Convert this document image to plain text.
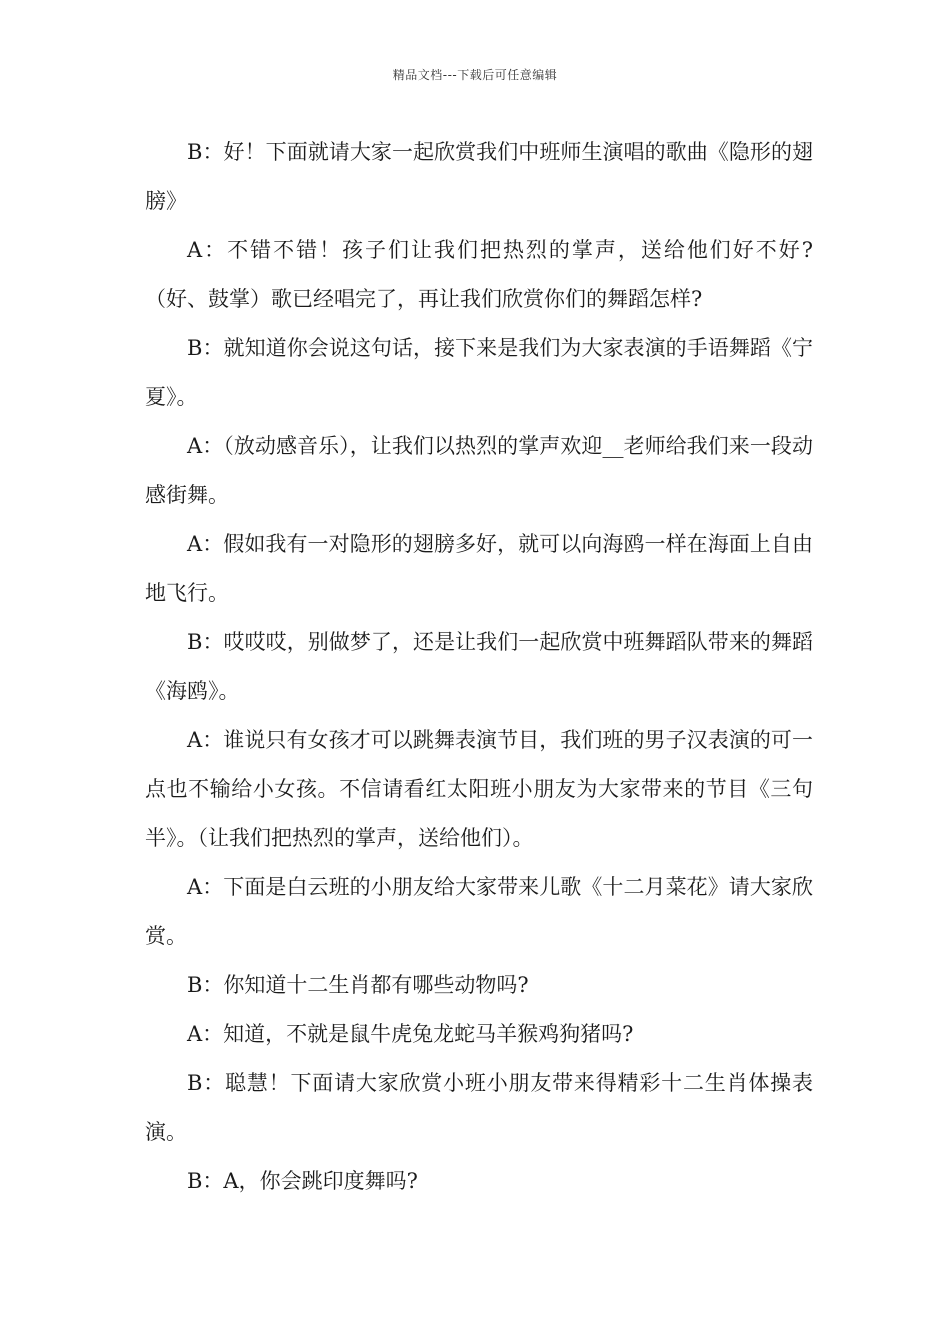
精品文档---下载后可任意编辑

B：好！下面就请大家一起欣赏我们中班师生演唱的歌曲《隐形的翅膀》

A：不错不错！孩子们让我们把热烈的掌声，送给他们好不好?（好、鼓掌）歌已经唱完了，再让我们欣赏你们的舞蹈怎样?

B：就知道你会说这句话，接下来是我们为大家表演的手语舞蹈《宁夏》。

A：（放动感音乐），让我们以热烈的掌声欢迎__老师给我们来一段动感街舞。

A：假如我有一对隐形的翅膀多好，就可以向海鸥一样在海面上自由地飞行。

B：哎哎哎，别做梦了，还是让我们一起欣赏中班舞蹈队带来的舞蹈《海鸥》。

A：谁说只有女孩才可以跳舞表演节目，我们班的男子汉表演的可一点也不输给小女孩。不信请看红太阳班小朋友为大家带来的节目《三句半》。（让我们把热烈的掌声，送给他们）。

A：下面是白云班的小朋友给大家带来儿歌《十二月菜花》请大家欣赏。

B：你知道十二生肖都有哪些动物吗?

A：知道，不就是鼠牛虎兔龙蛇马羊猴鸡狗猪吗?

B：聪慧！下面请大家欣赏小班小朋友带来得精彩十二生肖体操表演。

B：A，你会跳印度舞吗?
